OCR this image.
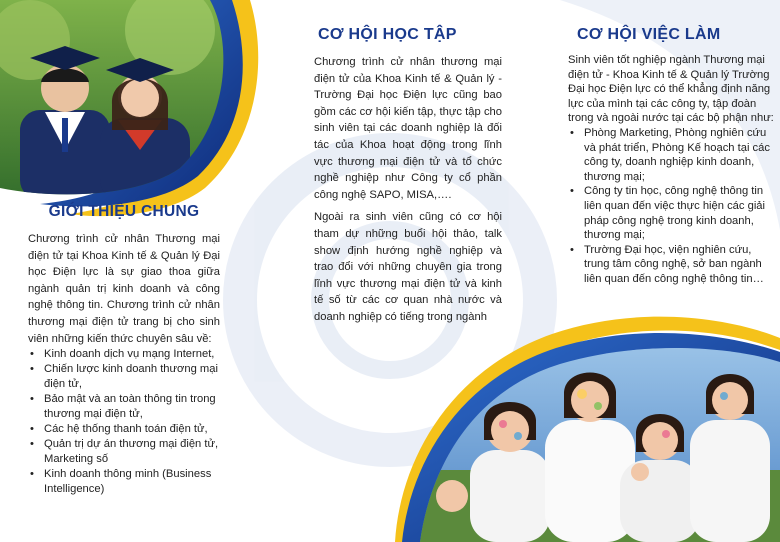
GIỚI THIỆU CHUNG

Chương trình cử nhân Thương mại điện tử tại Khoa Kinh tế & Quản lý Đại học Điện lực là sự giao thoa giữa ngành quản trị kinh doanh và công nghệ thông tin. Chương trình cử nhân thương mại điện tử trang bị cho sinh viên những kiến thức chuyên sâu về:

• Kinh doanh dịch vụ mạng Internet,
• Chiến lược kinh doanh thương mại điện tử,
• Bảo mật và an toàn thông tin trong thương mại điện tử,
• Các hệ thống thanh toán điện tử,
• Quản trị dự án thương mại điện tử, Marketing số
• Kinh doanh thông minh (Business Intelligence)
CƠ HỘI HỌC TẬP

Chương trình cử nhân thương mại điện tử của Khoa Kinh tế & Quản lý - Trường Đại học Điện lực cũng bao gồm các cơ hội kiến tập, thực tập cho sinh viên tại các doanh nghiệp là đối tác của Khoa hoạt động trong lĩnh vực thương mại điện tử và tổ chức nghề nghiệp như Công ty cổ phần công nghệ SAPO, MISA,….

Ngoài ra sinh viên cũng có cơ hội tham dự những buổi hội thảo, talk show định hướng nghề nghiệp và trao đổi với những chuyên gia trong lĩnh vực thương mại điện tử và kinh tế số từ các cơ quan nhà nước và doanh nghiệp có tiếng trong ngành

CƠ HỘI VIỆC LÀM

Sinh viên tốt nghiệp ngành Thương mại điện tử - Khoa Kinh tế & Quản lý Trường Đại học Điện lực có thể khẳng định năng lực của mình tại các công ty, tập đoàn trong và ngoài nước tại các bộ phận như:

• Phòng Marketing, Phòng nghiên cứu và phát triển, Phòng Kế hoạch tại các công ty, doanh nghiệp kinh doanh, thương mại;
• Công ty tin học, công nghệ thông tin liên quan đến việc thực hiện các giải pháp công nghệ trong kinh doanh, thương mại;
• Trường Đại học, viện nghiên cứu, trung tâm công nghệ, sở ban ngành liên quan đến công nghệ thông tin…
